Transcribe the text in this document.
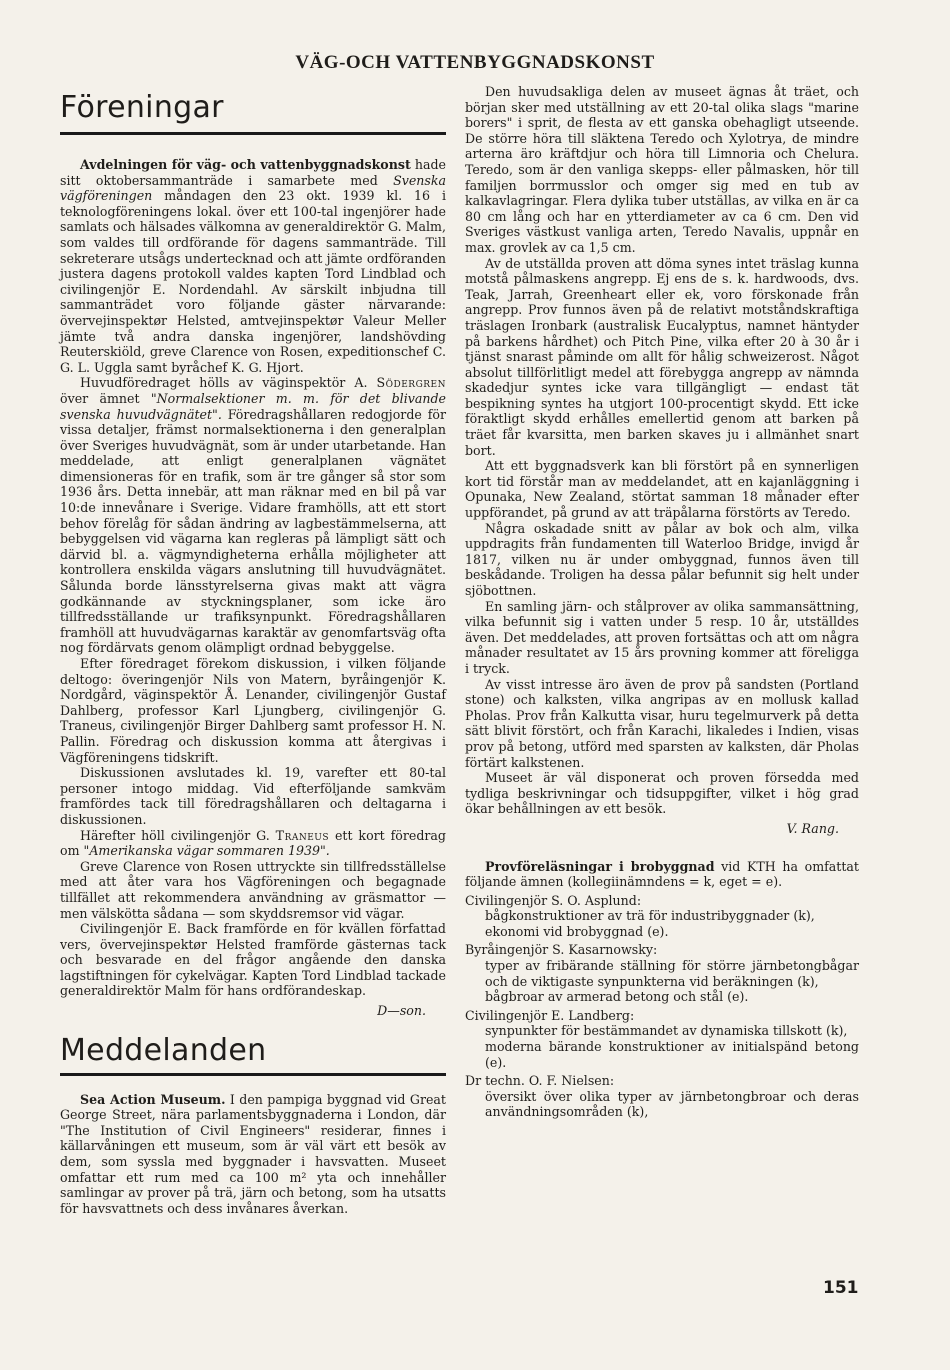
VÄG-OCH VATTENBYGGNADSKONST
Föreningar

Avdelningen för väg- och vattenbyggnadskonst hade sitt oktobersammanträde i samarbete med Svenska vägföreningen måndagen den 23 okt. 1939 kl. 16 i teknologföreningens lokal. över ett 100-tal ingenjörer hade samlats och hälsades välkomna av generaldirektör G. Malm, som valdes till ordförande för dagens sammanträde. Till sekreterare utsågs undertecknad och att jämte ordföranden justera dagens protokoll valdes kapten Tord Lindblad och civilingenjör E. Nordendahl. Av särskilt inbjudna till sammanträdet voro följande gäster närvarande: övervejinspektør Helsted, amtvejinspektør Valeur Meller jämte två andra danska ingenjörer, landshövding Reuterskiöld, greve Clarence von Rosen, expeditionschef C. G. L. Uggla samt byråchef K. G. Hjort.

Huvudföredraget hölls av väginspektör A. Södergren över ämnet "Normalsektioner m. m. för det blivande svenska huvudvägnätet". Föredragshållaren redogjorde för vissa detaljer, främst normalsektionerna i den generalplan över Sveriges huvudvägnät, som är under utarbetande. Han meddelade, att enligt generalplanen vägnätet dimensioneras för en trafik, som är tre gånger så stor som 1936 års. Detta innebär, att man räknar med en bil på var 10:de innevånare i Sverige. Vidare framhölls, att ett stort behov förelåg för sådan ändring av lagbestämmelserna, att bebyggelsen vid vägarna kan regleras på lämpligt sätt och därvid bl. a. vägmyndigheterna erhålla möjligheter att kontrollera enskilda vägars anslutning till huvudvägnätet. Sålunda borde länsstyrelserna givas makt att vägra godkännande av styckningsplaner, som icke äro tillfredsställande ur trafiksynpunkt. Föredragshållaren framhöll att huvudvägarnas karaktär av genomfartsväg ofta nog fördärvats genom olämpligt ordnad bebyggelse.

Efter föredraget förekom diskussion, i vilken följande deltogo: överingenjör Nils von Matern, byråingenjör K. Nordgård, väginspektör Å. Lenander, civilingenjör Gustaf Dahlberg, professor Karl Ljungberg, civilingenjör G. Traneus, civilingenjör Birger Dahlberg samt professor H. N. Pallin. Föredrag och diskussion komma att återgivas i Vägföreningens tidskrift.

Diskussionen avslutades kl. 19, varefter ett 80-tal personer intogo middag. Vid efterföljande samkväm framfördes tack till föredragshållaren och deltagarna i diskussionen.

Härefter höll civilingenjör G. Traneus ett kort föredrag om "Amerikanska vägar sommaren 1939".

Greve Clarence von Rosen uttryckte sin tillfredsställelse med att åter vara hos Vägföreningen och begagnade tillfället att rekommendera användning av gräsmattor — men välskötta sådana — som skyddsremsor vid vägar.

Civilingenjör E. Back framförde en för kvällen författad vers, övervejinspektør Helsted framförde gästernas tack och besvarade en del frågor angående den danska lagstiftningen för cykelvägar. Kapten Tord Lindblad tackade generaldirektör Malm för hans ordförandeskap.

D—son.

Meddelanden

Sea Action Museum. I den pampiga byggnad vid Great George Street, nära parlamentsbyggnaderna i London, där "The Institution of Civil Engineers" residerar, finnes i källarvåningen ett museum, som är väl värt ett besök av dem, som syssla med byggnader i havsvatten. Museet omfattar ett rum med ca 100 m² yta och innehåller samlingar av prover på trä, järn och betong, som ha utsatts för havsvattnets och dess invånares åverkan.

Den huvudsakliga delen av museet ägnas åt träet, och början sker med utställning av ett 20-tal olika slags "marine borers" i sprit, de flesta av ett ganska obehagligt utseende. De större höra till släktena Teredo och Xylotrya, de mindre arterna äro kräftdjur och höra till Limnoria och Chelura. Teredo, som är den vanliga skepps- eller pålmasken, hör till familjen borrmusslor och omger sig med en tub av kalkavlagringar. Flera dylika tuber utställas, av vilka en är ca 80 cm lång och har en ytterdiameter av ca 6 cm. Den vid Sveriges västkust vanliga arten, Teredo Navalis, uppnår en max. grovlek av ca 1,5 cm.

Av de utställda proven att döma synes intet träslag kunna motstå pålmaskens angrepp. Ej ens de s. k. hardwoods, dvs. Teak, Jarrah, Greenheart eller ek, voro förskonade från angrepp. Prov funnos även på de relativt motståndskraftiga träslagen Ironbark (australisk Eucalyptus, namnet häntyder på barkens hårdhet) och Pitch Pine, vilka efter 20 à 30 år i tjänst snarast påminde om allt för hålig schweizerost. Något absolut tillförlitligt medel att förebygga angrepp av nämnda skadedjur syntes icke vara tillgängligt — endast tät bespikning syntes ha utgjort 100-procentigt skydd. Ett icke föraktligt skydd erhålles emellertid genom att barken på träet får kvarsitta, men barken skaves ju i allmänhet snart bort.

Att ett byggnadsverk kan bli förstört på en synnerligen kort tid förstår man av meddelandet, att en kajanläggning i Opunaka, New Zealand, störtat samman 18 månader efter uppförandet, på grund av att träpålarna förstörts av Teredo.

Några oskadade snitt av pålar av bok och alm, vilka uppdragits från fundamenten till Waterloo Bridge, invigd år 1817, vilken nu är under ombyggnad, funnos även till beskådande. Troligen ha dessa pålar befunnit sig helt under sjöbottnen.

En samling järn- och stålprover av olika sammansättning, vilka befunnit sig i vatten under 5 resp. 10 år, utställdes även. Det meddelades, att proven fortsättas och att om några månader resultatet av 15 års provning kommer att föreligga i tryck.

Av visst intresse äro även de prov på sandsten (Portland stone) och kalksten, vilka angripas av en mollusk kallad Pholas. Prov från Kalkutta visar, huru tegelmurverk på detta sätt blivit förstört, och från Karachi, likaledes i Indien, visas prov på betong, utförd med sparsten av kalksten, där Pholas förtärt kalkstenen.

Museet är väl disponerat och proven försedda med tydliga beskrivningar och tidsuppgifter, vilket i hög grad ökar behållningen av ett besök.

V. Rang.

Provföreläsningar i brobyggnad vid KTH ha omfattat följande ämnen (kollegiinämndens = k, eget = e).

Civilingenjör S. O. Asplund:

bågkonstruktioner av trä för industribyggnader (k),

ekonomi vid brobyggnad (e).

Byråingenjör S. Kasarnowsky:

typer av fribärande ställning för större järnbetongbågar och de viktigaste synpunkterna vid beräkningen (k),

bågbroar av armerad betong och stål (e).

Civilingenjör E. Landberg:

synpunkter för bestämmandet av dynamiska tillskott (k),

moderna bärande konstruktioner av initialspänd betong (e).

Dr techn. O. F. Nielsen:

översikt över olika typer av järnbetongbroar och deras användningsområden (k),

151
